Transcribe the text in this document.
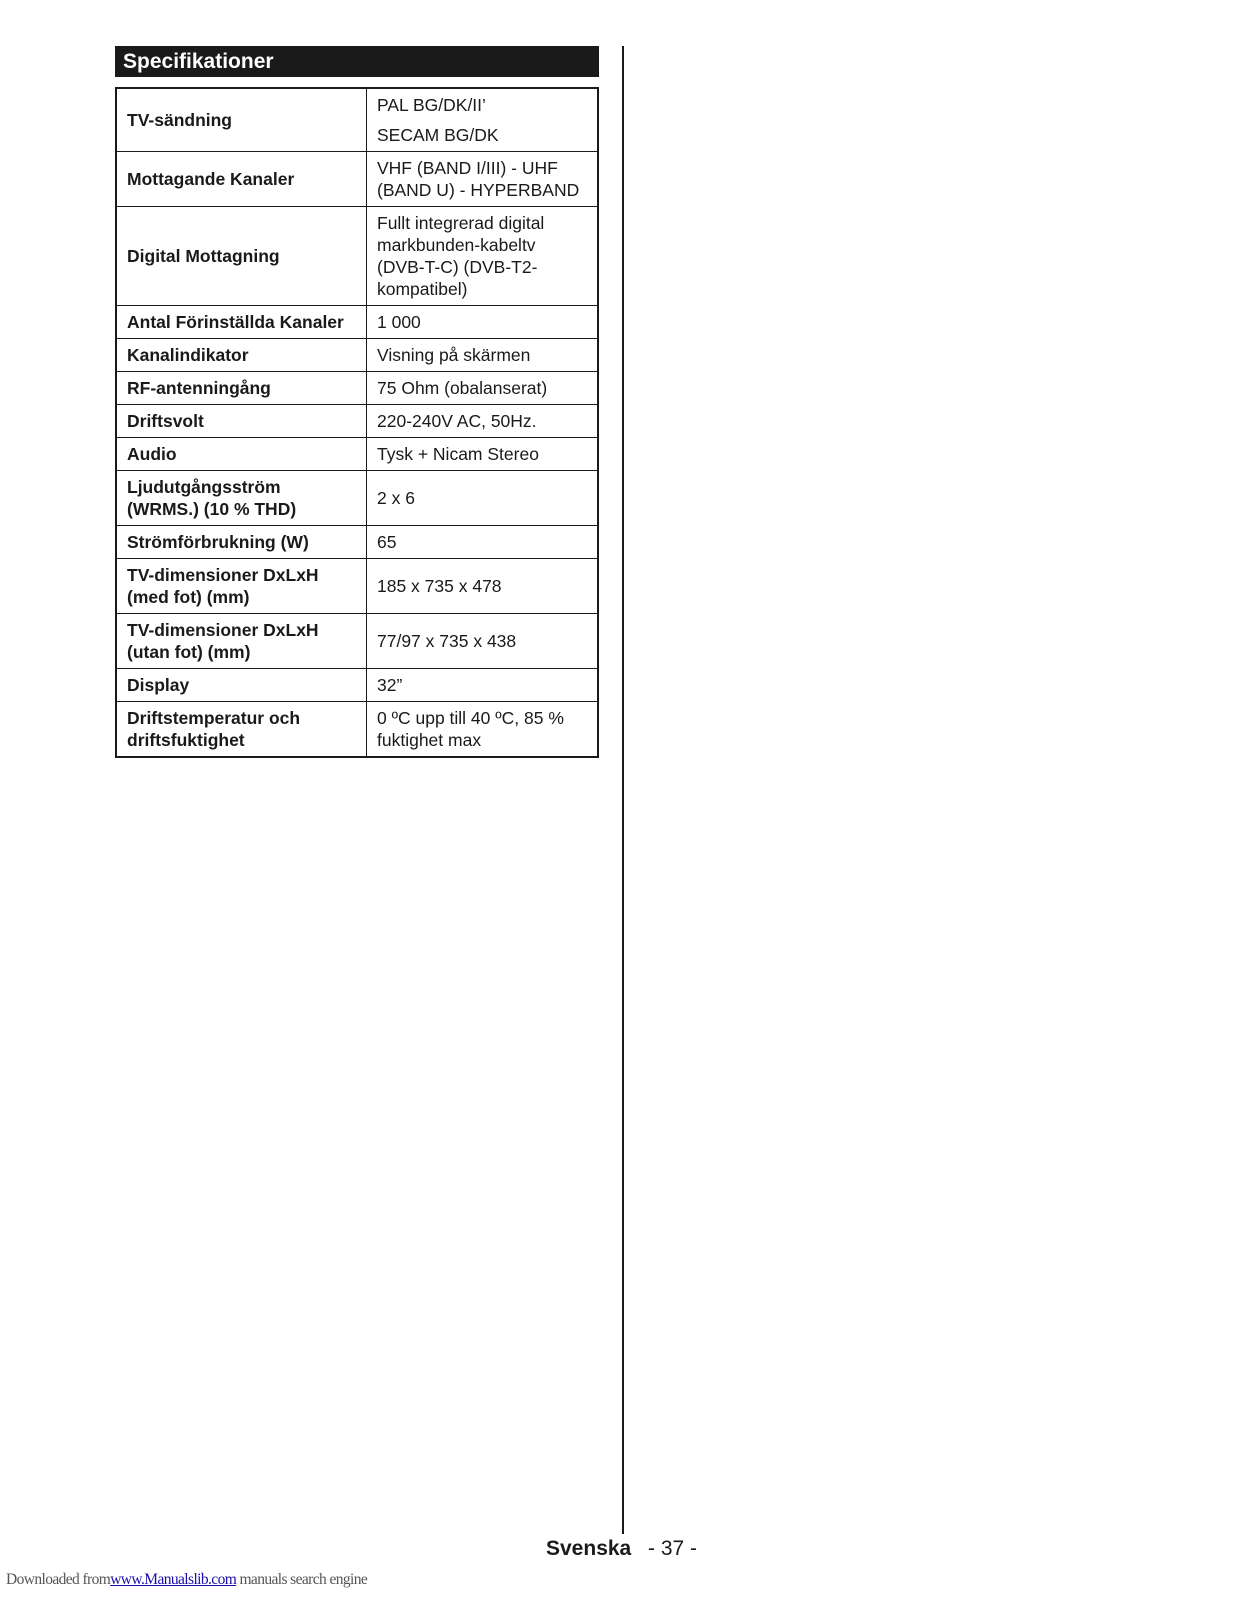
Specifikationer
TV-sändning	PAL BG/DK/II’
SECAM BG/DK

Mottagande Kanaler	VHF (BAND I/III) - UHF (BAND U) - HYPERBAND
Digital Mottagning	Fullt integrerad digital markbunden-kabeltv (DVB-T-C) (DVB-T2-kompatibel)
Antal Förinställda Kanaler	1 000
Kanalindikator	Visning på skärmen
RF-antenningång	75 Ohm (obalanserat)
Driftsvolt	220-240V AC, 50Hz.
Audio	Tysk + Nicam Stereo
Ljudutgångsström (WRMS.) (10 % THD)	2 x 6
Strömförbrukning (W)	65
TV-dimensioner DxLxH (med fot) (mm)	185 x 735 x 478
TV-dimensioner DxLxH (utan fot) (mm)	77/97 x 735 x 438
Display	32”
Driftstemperatur och driftsfuktighet	0 ºC upp till 40 ºC, 85 % fuktighet max
Svenska - 37 -
Downloaded fromwww.Manualslib.com manuals search engine
